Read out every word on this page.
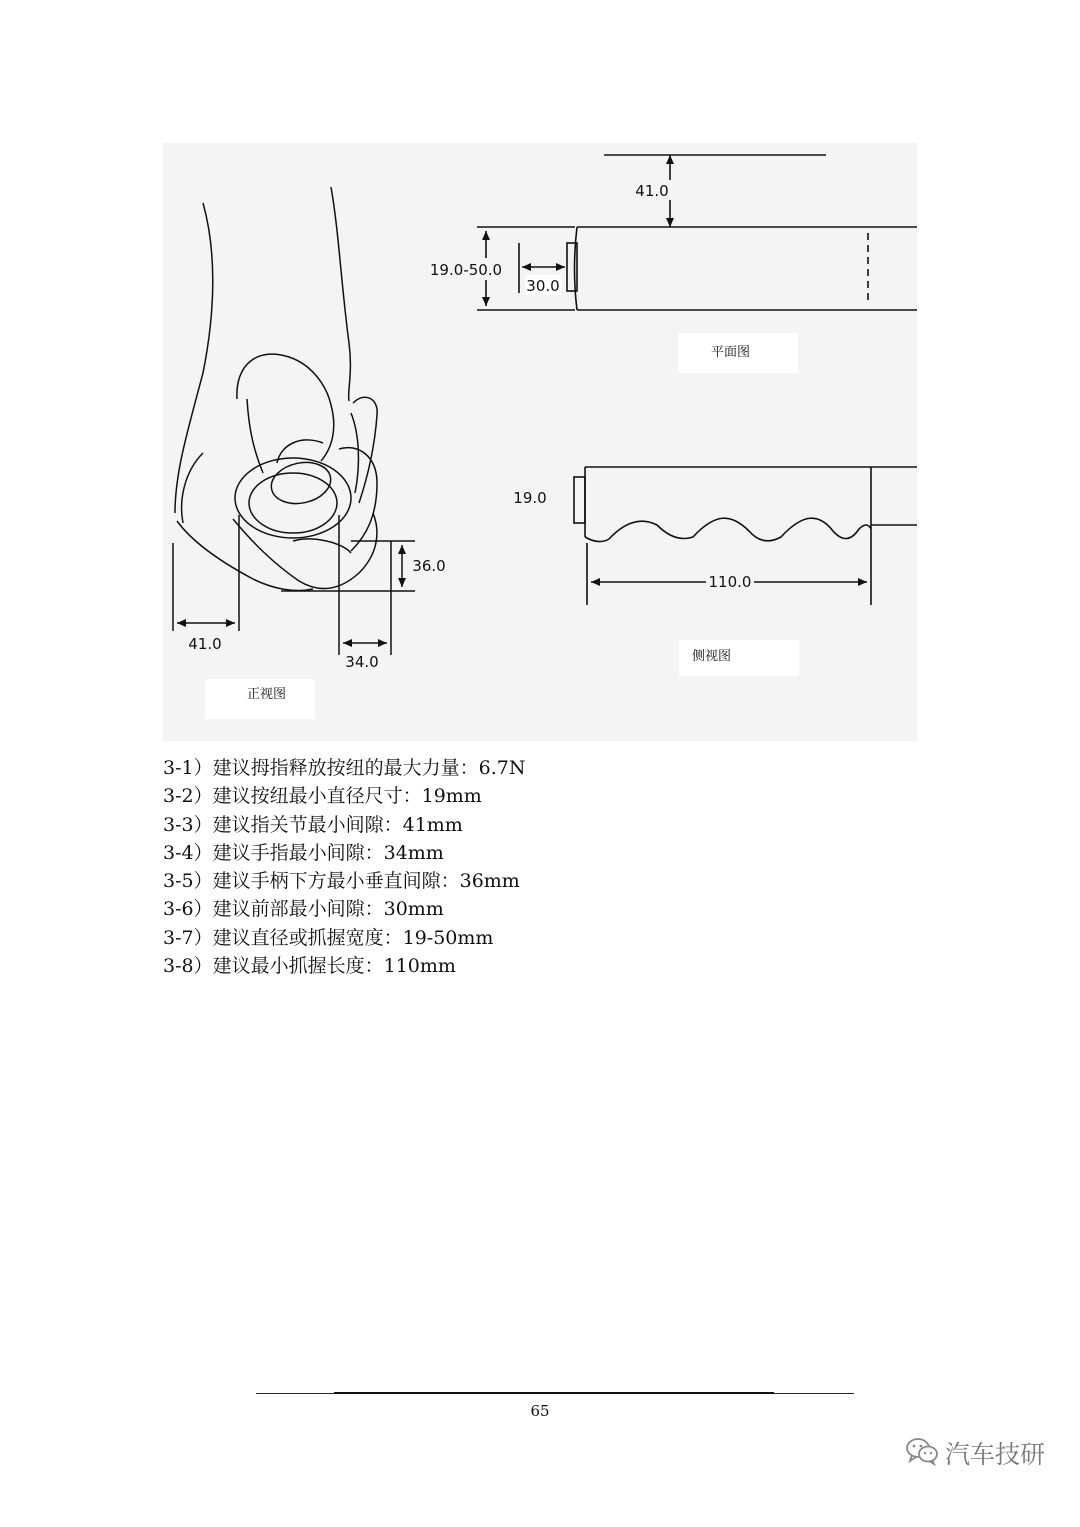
41.0
19.0-50.0
30.0
平面图
110.0
19.0
侧视图
36.0
41.0
34.0
正视图
3-1）建议拇指释放按纽的最大力量：6.7N
3-2）建议按纽最小直径尺寸：19mm
3-3）建议指关节最小间隙：41mm
3-4）建议手指最小间隙：34mm
3-5）建议手柄下方最小垂直间隙：36mm
3-6）建议前部最小间隙：30mm
3-7）建议直径或抓握宽度：19-50mm
3-8）建议最小抓握长度：110mm
65
汽车技研
